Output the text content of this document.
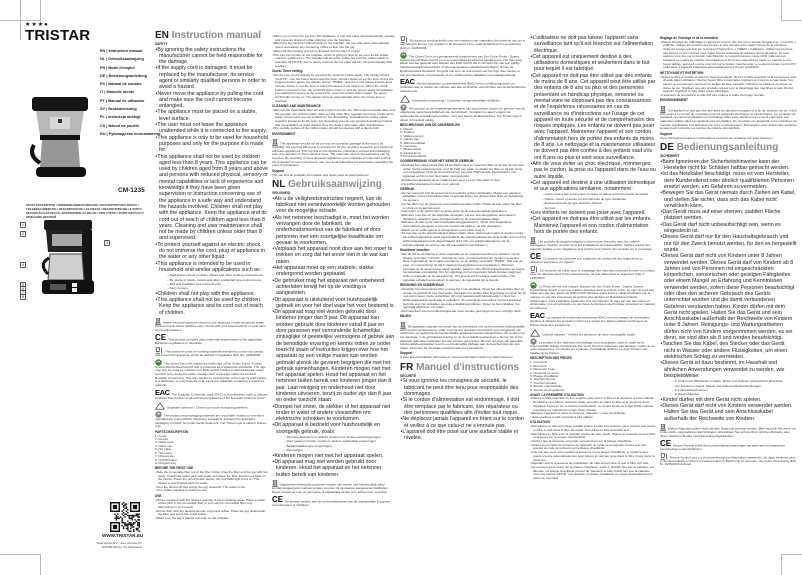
★★★●
TRISTAR
EN | Instruction manual
NL | Gebruiksaanwijzing
FR | Mode d'emploi
DE | Bedienungsanleitung
ES | Manual de usuario
IT | Manuale utente
PT | Manual de utilizador
SV | Bruksanvisning
PL | Instrukcja obsługi
CS | Návod na použití
RU | Руководство пользователя
CM-1235
PARTS DESCRIPTION / ONDERDELENBESCHRIJVING / DESCRIPTION DES PIÈCES / TEILEBESCHREIBUNG / DESCRIPCIÓN DE LAS PIEZAS / DESCRIZIONE DELLE PARTI / DESCRIÇÃO DAS PEÇAS / BESKRIVNING AV DELAR / OPIS CZĘŚCI / POPIS SOUČÁSTÍ / ОПИСАНИЕ ДЕТАЛЕЙ
1
2
3
4
5
6
7
8
WWW.TRISTAR.EU
Tristar Europe B.V. | Jules Verneweg 87
5015 BM Tilburg | The Netherlands
EN Instruction manual
SAFETY
• By ignoring the safety instructions the manufacturer cannot be held responsible for the damage.
• If the supply cord is damaged, it must be replaced by the manufacturer, its service agent or similarly qualified persons in order to avoid a hazard.
• Never move the appliance by pulling the cord and make sure the cord cannot become entangled.
• The appliance must be placed on a stable, level surface.
• The user must not leave the appliance unattended while it is connected to the supply.
• This appliance is only to be used for household purposes and only for the purpose it is made for.
• This appliance shall not be used by children aged less than 8 years. This appliance can be used by children aged from 8 years and above and persons with reduced physical, sensory or mental capabilities or lack of experience and knowledge if they have been given supervision or instruction concerning use of the appliance in a safe way and understand the hazards involved. Children shall not play with the appliance. Keep the appliance and its cord out of reach of children aged less than 8 years. Cleaning and user maintenance shall not be made by children unless older than 8 and supervised.
• To protect yourself against an electric shock, do not immerse the cord, plug or appliance in the water or any other liquid.
• This appliance is intended to be used in household and similar applications such as:
– Staff kitchen areas in shops, offices and other working environments.
– By clients in hotels, motels and other residential type environments.
– Bed and breakfast type environments.
– Farm houses.
• Children shall not play with the appliance.
• This appliance shall not be used by children. Keep the appliance and its cord out of reach of children.
Waste electrical products should not be disposed of with household waste. Please recycle where facilities exist. Check with your local Authority or local store for recycling advice.
CE This product complies with conformity requirements of the applicable European regulations or directives.
This symbol is used for marking materials intended to come into contact with food in the European Union as defined in regulation (EC) No. 1935/2004.
The Green Dot is the registered trademark of Der Grüne Punkt - Duales System Deutschland GmbH and is protected as a trademark worldwide. The logo may only be used by customers of DSD GmbH holding a valid trademark usage contract or by assigned waste management companies within the Federal Republic of Germany. This also applies to reproduction of the logo by third parties in a dictionary, or encyclopedia or an electronic database containing a reference material.
EAC The Eurasian Conformity mark (EAC) is a certification mark to indicate products that conform to all technical regulations of the Eurasian Customs Union.
Separate collection ! Check your local municipal guidelines.
The product and packaging materials are recyclable, subject to extended manufacturer responsibility. Dispose it separately, following the illustrated packaging symbols, for better waste treatment. The Triman logo is valid in France only.
PARTS DESCRIPTION
1. Cover
2. Funnel
3. Water tank
4. Glass can
5. Hot plate
6. Hours key
7. Minutes key
8. On/Off button
9. Program key
BEFORE THE FIRST USE
• Take the removable filter out of the filter holder rinse the filter and the jug with hot water. Half fill the water tank with water and place the filter and the jug back on the device. Press the on/off button button; the red PWR light turns on. The device is now flushed with hot water.
• Turn the device off and empty the jug. Attention! The water is hot.
• Your coffee machine is ready for use.
USE
• Fill the reservoir with the desired quantity of clean drinking water. Place a paper coffee filter in the removable filter or just use the removable filter only, depending on your needs.
• Fill the filter with the desired amount of ground coffee. Place the jug underneath the filter and press the on/off button.
• Make sure the jug is placed correctly on the hotplate.
• When you remove the jug from this appliance, a non-drip valve will automatically operate and prevents drops of coffee dripping onto the hotplate.
• When the jug has been placed back on the hotplate, the non drip valve automatically opens and allows any remaining coffee to flow into the jug.
• Wait until the brewing process is finished and the filter is empty.
• The can can remain on the hotplate, which is going to heat up as soon as the coffee maker is switched on. The hotplate will keep the coffee hot until the coffee maker is switched off (NOTE: due to safety reasons the hot plate will turn off automatically after a while).
Clock/ Timer setting
• Set the time on the display by pressing the program button again. The display shows "CLOCK". Use the hours button and the timer minutes button to set the time. Press the program button again, the display shows "TIMER". Use the hours button and the timer minutes button to set the time in which the device must switch on. When the on/off button is pressed once, the red RUN light comes on and the device starts immediately. For starting the device at the preset time, press the power button again, the green AUTO light comes on. The device turns on automatically when the preset time is reached.
CLEANING AND MAINTENANCE
• Remove the detachable filter out and empty it into the bin. Rinse the removable filter and the jug after use with hot water. Remove the other filter regularly and rinse it with warm water. These parts are not suitable for the dishwasher. Descaling the coffee maker regularly increases its life span. For descaling you can use special descaling products that are available at retail. Always rinse the device with water after descalination.
• The outside surface of the coffee maker should be cleaned with a damp cloth.
ENVIRONMENT
This appliance should not be put into the domestic garbage at the end of its durability, but must be offered at a central point for the recycling of electric and electronic domestic appliances. This symbol on the appliance, instruction manual and packaging puts your attention to this important issue. The materials used in this appliance can be recycled. By recycling of used domestic appliances you contribute an important push to the protection of our environment. Ask your local authorities for information regarding the point of recollection.
Support
You can find all available information and spare parts at www.tristar.eu!
NL Gebruiksaanwijzing
VEILIGHEID
• Als u de veiligheidsinstructies negeert, kan de fabrikant niet verantwoordelijk worden gehouden voor de mogelijke schade.
• Als het netsnoer beschadigd is, moet het worden vervangen door de fabrikant, de onderhoudsmonteur van de fabrikant of door personen met een soortgelijke kwalificatie om gevaar te voorkomen.
• Verplaats het apparaat nooit door aan het snoer te trekken en zorg dat het snoer niet in de war kan raken.
• Het apparaat moet op een stabiele, vlakke ondergrond worden geplaatst.
• De gebruiker mag het apparaat niet onbeheerd achterlaten terwijl het op de voeding is aangesloten.
• Dit apparaat is uitsluitend voor huishoudelijk gebruik en voor het doel waar het voor bestemd is.
• Dit apparaat mag niet worden gebruikt door kinderen jonger dan 8 jaar. Dit apparaat kan worden gebruikt door kinderen vanaf 8 jaar en door personen met verminderde lichamelijke, zintuiglijke of geestelijke vermogens of gebrek aan de benodigde ervaring en kennis indien ze onder toezicht staan of instructies krijgen over hoe het apparaat op een veilige manier kan worden gebruikt alsook de gevaren begrijpen die met het gebruik samenhangen. Kinderen mogen niet met het apparaat spelen. Houd het apparaat en het netsnoer buiten bereik van kinderen jonger dan 8 jaar. Laat reiniging en onderhoud niet door kinderen uitvoeren, tenzij ze ouder zijn dan 8 jaar en onder toezicht staan.
• Dompel het snoer, de stekker of het apparaat niet onder in water of andere vloeistoffen om elektrische schokken te voorkomen.
• Dit apparaat is bedoeld voor huishoudelijk en soortgelijk gebruik, zoals:
– Personeelskeukens in winkels, kantoren en andere werkomgevingen.
– Door gasten in hotels, motels en andere residentiële omgevingen.
– Bed&breakfast-type omgevingen.
– Boerderijen.
• Kinderen mogen niet met het apparaat spelen.
• Dit apparaat mag niet worden gebruikt door kinderen. Houd het apparaat en het netsnoer buiten bereik van kinderen.
Afgedankte elektrische producten mogen niet samen met huishoudelijk afval worden weggegooid. Gelieve te laten recyclen bij de daartoe aangewezen faciliteiten. Neem contact op met uw gemeente of plaatselijke winkel voor advies over recycling.
CE Dit product voldoet aan de conformiteitseisen van de toepasselijke Europese verordeningen of richtlijnen.
Dit symbool wordt gebruikt voor het markeren van materialen die bestemd zijn om in aanraking te komen met voedsel in de Europese Unie, zoals gedefinieerd in verordening (EG) nr. 1935/2004.
The Green Dot is het geregistreerde handelsmerk van Der Grüne Punkt - Duales System Deutschland GmbH en is een wereldwijd beschermd handelsmerk. Het logo mag alleen worden gebruikt door klanten van DSD GmbH die in het bezit zijn van een geldig handelsmerkgebruikscontract of door aangewezen afvalbeheerbedrijven binnen de Bondsrepubliek Duitsland. Dit geldt ook voor de reproductie van het logo door derden in een woordenboek, encyclopedie of een elektronische database met naslagmateriaal.
EAC Het Euraziatische conformiteitsmerk (EAC) is een certificeringsmerk om producten aan te duiden die voldoen aan alle technische voorschriften van de Euraziatische douane-unie.
Gescheiden inzameling ! Controleer uw gemeentelijke richtlijnen.
Het product en de verpakkingsmaterialen zijn recyclebaar, binnen de grenzen van de uitgebreide verantwoordelijkheid van de fabrikant. Verwijder het apart volgens de geïllustreerde verpakkingssymbolen, voor een betere afvalverwerking. Het Triman-logo is alleen in Frankrijk geldig.
BESCHRIJVING VAN DE ONDERDELEN
1. Deksel
2. Trechter
3. Waterreservoir
4. Glazen kan
5. Warmhoudplaat
6. Urentoets
7. Minutentoets
8. Aan/uit-knop
9. Programmatoets
VOORBEREIDING VOOR HET EERSTE GEBRUIK
• Verwijder het uitneembare filter uit de filterhouder en spoel het filter en de kan af met heet water. Vul het waterreservoir voor de helft met water en plaats het filter en de kan terug op het apparaat. Druk op de aan/uit-knop; het rode PWR-lampje gaat branden. Het apparaat wordt nu met heet water doorgespoeld.
• Schakel het apparaat uit en maak de kan leeg. Let op! Het water is heet.
• Uw koffiezetapparaat is klaar voor gebruik.
GEBRUIK
• Vul het reservoir met de gewenste hoeveelheid schoon drinkwater. Plaats een papieren koffiefilter in het uitneembare filter of gebruik alleen het uitneembare filter, al naargelang uw wensen.
• Vul het filter met de gewenste hoeveelheid gemalen koffie. Plaats de kan onder het filter en druk op de aan/uit-knop.
• Controleer of de glazen kan op juiste wijze op de warmhoudplaat geplaatst is.
• Wanneer u de kan uit het apparaat verwijdert, zal een anti-druppelstop automatisch dichtgaan, waardoor geen druppels koffie op de warmhoudplaat vallen.
• Wanneer de kan op de warmhoudplaat teruggeplaatst is, zal de anti-druppelstop automatisch opengaan en kan de resterende koffie in de kan doorlopen.
• Wacht tot de koffie geheel is doorgelopen en het filter leeg is.
• De kan kan op de warmhoudplaat blijven staan. Deze plaat begint warm te worden zodra het koffiezetapparaat wordt ingeschakeld. De warmhoudplaat houdt de koffie warm tot het koffiezetapparaat wordt uitgeschakeld (LET OP: om veiligheidsredenen zal de warmhoudplaat na verloop van tijd automatisch uitschakelen.)
Klok/timer instellen
• Stel de tijd op de display in door nogmaals op de programmeerknop te drukken. Op de display verschijnt "CLOCK". Gebruik de uren- en minutenknop om de tijd in te stellen. Druk nogmaals op de programmeerknop, op de display verschijnt "TIMER". Stel met de uren- en minutenknop de tijd in waarop het apparaat moet inschakelen. Wanneer eenmaal op de aan/uit-knop wordt gedrukt, gaat het rode RUN-lampje branden en begint het apparaat onmiddellijk. Om het apparaat op het ingestelde tijdstip te laten beginnen, drukt u nogmaals op de aan/uit-knop. Het groene AUTO-lampje gaat branden. Het apparaat schakelt automatisch in wanneer de ingestelde tijd is bereikt.
REINIGING EN ONDERHOUD
• Verwijder het uitneembare filter en leeg het in de afvalbak. Spoel het uitneembare filter en de kan na gebruik af met heet water. Verwijder het andere filter regelmatig en spoel het af met warm water. Deze onderdelen zijn niet vaatwasmachinebestendig. U dient het koffiezetapparaat regelmatig te ontkalken, dit verlengt de levensduur van het apparaat. Gebruik voor het ontkalken speciale ontkalkingsmiddelen. Spoel na het ontkalken het apparaat altijd door met water.
• De buitenkant van het koffiezetapparaat moet worden gereinigd met een vochtige doek.
MILIEU
Dit apparaat mag aan het einde van de levensduur niet bij het normale huishoudelijke afval worden gedeponeerd, maar moet bij een speciaal inzamelpunt voor hergebruik van elektrische en elektronische huishoudelijke apparaten worden aangeboden. Dit symbool op het apparaat, in de gebruiksaanwijzing en op de verpakking attendeert u hierop. De in het apparaat gebruikte materialen kunnen worden gerecycled. Met het recyclen van gebruikte huishoudelijke apparaten levert u een belangrijke bijdrage aan de bescherming van ons milieu. Informeer bij uw lokale overheid naar het inzamelpunt.
Support
U kunt alle beschikbare informatie en reserveonderdelen vinden op www.tristar.eu!
FR Manuel d'instructions
SÉCURITÉ
• Si vous ignorez les consignes de sécurité, le fabricant ne peut être tenu pour responsable des dommages.
• Si le cordon d'alimentation est endommagé, il doit être remplacé par le fabricant, son réparateur ou des personnes qualifiées afin d'éviter tout risque.
• Ne déplacez jamais l'appareil en tirant sur le cordon et veillez à ce que celui-ci ne s'enroule pas.
• L'appareil doit être posé sur une surface stable et nivelée.
• L'utilisateur ne doit pas laisser l'appareil sans surveillance tant qu'il est branché sur l'alimentation électrique.
• Cet appareil est uniquement destiné à des utilisations domestiques et seulement dans le but pour lequel il est fabriqué.
• Cet appareil ne doit pas être utilisé par des enfants de moins de 8 ans. Cet appareil peut être utilisé par des enfants de 8 ans ou plus et des personnes présentant un handicap physique, sensoriel ou mental voire ne disposant pas des connaissances et de l'expérience nécessaires en cas de surveillance ou d'instructions sur l'usage de cet appareil en toute sécurité et de compréhension des risques impliqués. Les enfants ne doivent pas jouer avec l'appareil. Maintenez l'appareil et son cordon d'alimentation hors de portée des enfants de moins de 8 ans. Le nettoyage et la maintenance utilisateur ne doivent pas être confiés à des enfants sauf s'ils ont 8 ans ou plus et sont sous surveillance.
• Afin de vous éviter un choc électrique, n'immergez pas le cordon, la prise ou l'appareil dans de l'eau ou autre liquide.
• Cet appareil est destiné à une utilisation domestique et aux applications similaires, notamment :
– Coins cuisine des commerces, bureaux et autres environnements de travail.
– Hôtels, motels et autres environnements de type résidentiel.
– Environnements de type chambre d'hôtes.
– Fermes.
• Les enfants ne doivent pas jouer avec l'appareil.
• Cet appareil ne doit pas être utilisé par les enfants. Maintenez l'appareil et son cordon d'alimentation hors de portée des enfants.
Les produits électriques usagés ne doivent pas être jetés avec les ordures ménagères. Veuillez recycler là où les installations sont disponibles. Vérifiez auprès des autorités locales ou du magasin le plus proche pour obtenir des conseils sur le recyclage.
CE Ce produit est conforme aux exigences de conformité des règlements ou directives européens en vigueur.
Ce symbole est utilisé pour le marquage des matériaux destinés à entrer en contact avec les aliments dans l'Union Européenne, tel que défini dans le règlement (CE) n° 1935/2004.
Le Point vert est une marque déposée de Der Grüne Punkt - Duales System Deutschland GmbH et est une marque déposée dans le monde entier. Le logo ne peut être utilisé que par des clients de DSD GmbH titulaires d'une licence valide d'utilisation de la marque ou par des entreprises de gestion des déchets en République fédérale d'Allemagne. Cela s'applique également à la reproduction du logo par des tiers dans un dictionnaire, une encyclopédie ou une base de données électronique contenant un matériel de référence.
EAC La marque de conformité eurasienne (EAC) est une marque de certification destinée à indiquer les produits conformes à toutes les réglementations techniques de l'Union douanière eurasienne.
Collecte séparée ! Vérifiez les directives de votre municipalité locale.
Le produit et les matériaux d'emballage sont recyclables, dans le cadre de la responsabilité élargie du fabricant. Par souci d'un bon traitement des déchets, mettez-le au rebut séparément, en suivant les symboles d'emballage illustrés. Le logo Triman n'est valable qu'en France.
DESCRIPTION DES PIÈCES
1. Couvercle
2. Entonnoir
3. Réservoir d'eau
4. Verseuse en verre
5. Plaque chauffante
6. Touches heures
7. Touches minutes
8. Bouton marche/arrêt
9. Touche de programme
AVANT LA PREMIÈRE UTILISATION
• Retirez le filtre amovible de son support, puis rincez le filtre et la verseuse à l'eau chaude. Remplissez à moitié le réservoir d'eau, remettez en place le filtre et la verseuse dans l'appareil. Appuyez sur le bouton marche/arrêt ; le voyant lumineux rouge PWR s'allume. L'appareil est maintenant rempli d'eau chaude.
• Éteignez l'appareil et videz le réservoir. Attention ! L'eau est brûlante.
• Votre machine à café est prête à être utilisée.
UTILISATION
• Remplissez le réservoir d'eau potable propre à votre convenance. Vous pouvez soit mettre un filtre à café dans le filtre amovible, soit utiliser le filtre amovible seul.
• Remplissez le filtre avec la quantité voulue de café moulu. Placez la verseuse sous le filtre et appuyez sur le bouton marche/arrêt.
• Vérifiez que la verseuse est posée correctement sur la plaque chauffante.
• Quand vous retirez la verseuse de l'appareil un système anti-goutte évitera que des gouttes de café ne tombent sur la plaque chauffante.
• Une fois que vous avez replacé la verseuse sur la plaque chauffante, le système anti-goutte s'ouvre automatiquement pour laisser le café qui reste dans le filtre couler dans la verseuse.
• Attendez que le processus de préparation du café soit terminé et que le filtre soit vide.
• La verseuse peut rester sur la plaque chauffante. Celle-ci chauffe dès que la cafetière est allumée. La plaque chauffante permet de maintenir le café chaud tant que la cafetière n'est pas éteinte (NOTE : par sécurité, la plaque chauffante se coupe automatiquement après un moment).
Réglage de l'horloge et de la minuterie
• Réglez l'horloge de l'affichage en appuyant encore une fois sur le bouton Programme. « CLOCK » s'affiche. Utilisez les boutons des heures et des minutes pour régler l'heure de la minuterie. Appuyez encore une fois sur le bouton Programme, « TIMER » s'affichera. Utilisez les boutons des heures et des minutes pour régler l'heure à laquelle la cafetière devra démarrer. Si vous appuyez une fois sur le bouton marche/arrêt, le voyant lumineux rouge RUN s'allumera et l'appareil se mettra en marche immédiatement. Pour que l'appareil se mette en marche à une heure définie, appuyez encore une fois sur le bouton marche/arrêt, le voyant lumineux vert AUTO s'allumera. L'appareil s'allumera automatiquement à l'heure prédéfinie.
NETTOYAGE ET ENTRETIEN
• Sortez le filtre amovible et videz-le dans la poubelle. Rincez le filtre amovible et la verseuse à l'eau chaude après utilisation. Retirez l'autre filtre à intervalles réguliers et rincez-le à l'eau tiède. Ces pièces ne conviennent pas pour un lavage au lave-vaisselle. Détartrer la cafetière prolonge sa durée de vie. N'utilisez que des produits prévus pour le détartrage des machines à café. Rincez toujours l'appareil à l'eau claire après détartrage.
• L'extérieur de la machine à café doit être nettoyé à l'aide d'un linge humide.
ENVIRONNEMENT
Cet appareil ne doit pas être jeté avec les déchets ménagers à la fin de sa durée de vie, il doit être remis à un centre de recyclage pour les appareils électriques et électroniques. Ce symbole sur l'appareil, le manuel d'utilisation et l'emballage attire votre attention sur ce point important. Les matériaux utilisés dans cet appareil sont recyclables. En recyclant vos appareils, vous contribuez de manière significative à la protection de notre environnement. Renseignez-vous auprès des autorités locales pour connaître les centres de collecte des déchets.
Support
Vous retrouverez toutes les informations et pièces de rechange sur www.tristar.eu !
DE Bedienungsanleitung
SICHERHEIT
• Beim Ignorieren der Sicherheitshinweise kann der Hersteller nicht für Schäden haftbar gemacht werden.
• Ist das Netzkabel beschädigt, muss es vom Hersteller, dem Kundendienst oder ähnlich qualifizierten Personen ersetzt werden, um Gefahren zu vermeiden.
• Bewegen Sie das Gerät niemals durch Ziehen am Kabel, und stellen Sie sicher, dass sich das Kabel nicht verwickeln kann.
• Das Gerät muss auf einer ebenen, stabilen Fläche platziert werden.
• Das Gerät darf nicht unbeaufsichtigt sein, wenn es eingesteckt ist.
• Dieses Gerät darf nur für den Haushaltsgebrauch und nur für den Zweck benutzt werden, für den es hergestellt wurde.
• Dieses Gerät darf nicht von Kindern unter 8 Jahren verwendet werden. Dieses Gerät darf von Kindern ab 8 Jahren und von Personen mit eingeschränkten körperlichen, sensorischen oder geistigen Fähigkeiten oder einem Mangel an Erfahrung und Kenntnissen verwendet werden, sofern diese Personen beaufsichtigt oder über den sicheren Gebrauch des Geräts unterrichtet wurden und die damit verbundenen Gefahren verstanden haben. Kinder dürfen mit dem Gerät nicht spielen. Halten Sie das Gerät und sein Anschlusskabel außerhalb der Reichweite von Kindern unter 8 Jahren. Reinigungs- und Wartungsarbeiten dürfen nicht von Kindern vorgenommen werden, es sei denn, sie sind älter als 8 und werden beaufsichtigt.
• Tauchen Sie das Kabel, den Stecker oder das Gerät nicht in Wasser oder andere Flüssigkeiten, um einen elektrischen Schlag zu vermeiden.
• Dieses Gerät ist dazu bestimmt, im Haushalt und ähnlichen Anwendungen verwendet zu werden, wie beispielsweise:
– In Küchen für Mitarbeiter in Läden, Büros und anderen gewerblichen Bereichen.
– Von Kunden in Hotels, Motels und anderen Wohneinrichtungen.
– In Frühstückspensionen.
– In Bauernhäusern.
• Kinder dürfen mit dem Gerät nicht spielen.
• Dieses Gerät darf nicht von Kindern verwendet werden. Halten Sie das Gerät und sein Anschlusskabel außerhalb der Reichweite von Kindern.
Elektro-Altgeräte sollten nicht mit dem Hausmüll entsorgt werden. Bitte recyceln Sie diese nur in den dafür vorgesehenen Einrichtungen. Erkundigen Sie sich bei Ihrer örtlichen Behörde oder Ihrem örtlichen Händler nach Recyclingmöglichkeiten.
CE Dieses Produkt erfüllt die Konformitätsanforderungen der geltenden europäischen Verordnungen oder Richtlinien.
Dieses Symbol wird zur Kennzeichnung von Materialien verwendet, die dazu bestimmt sind, in der Europäischen Union mit Lebensmitteln in Berührung zu kommen, wie in der Verordnung (EG) Nr. 1935/2004 definiert.
